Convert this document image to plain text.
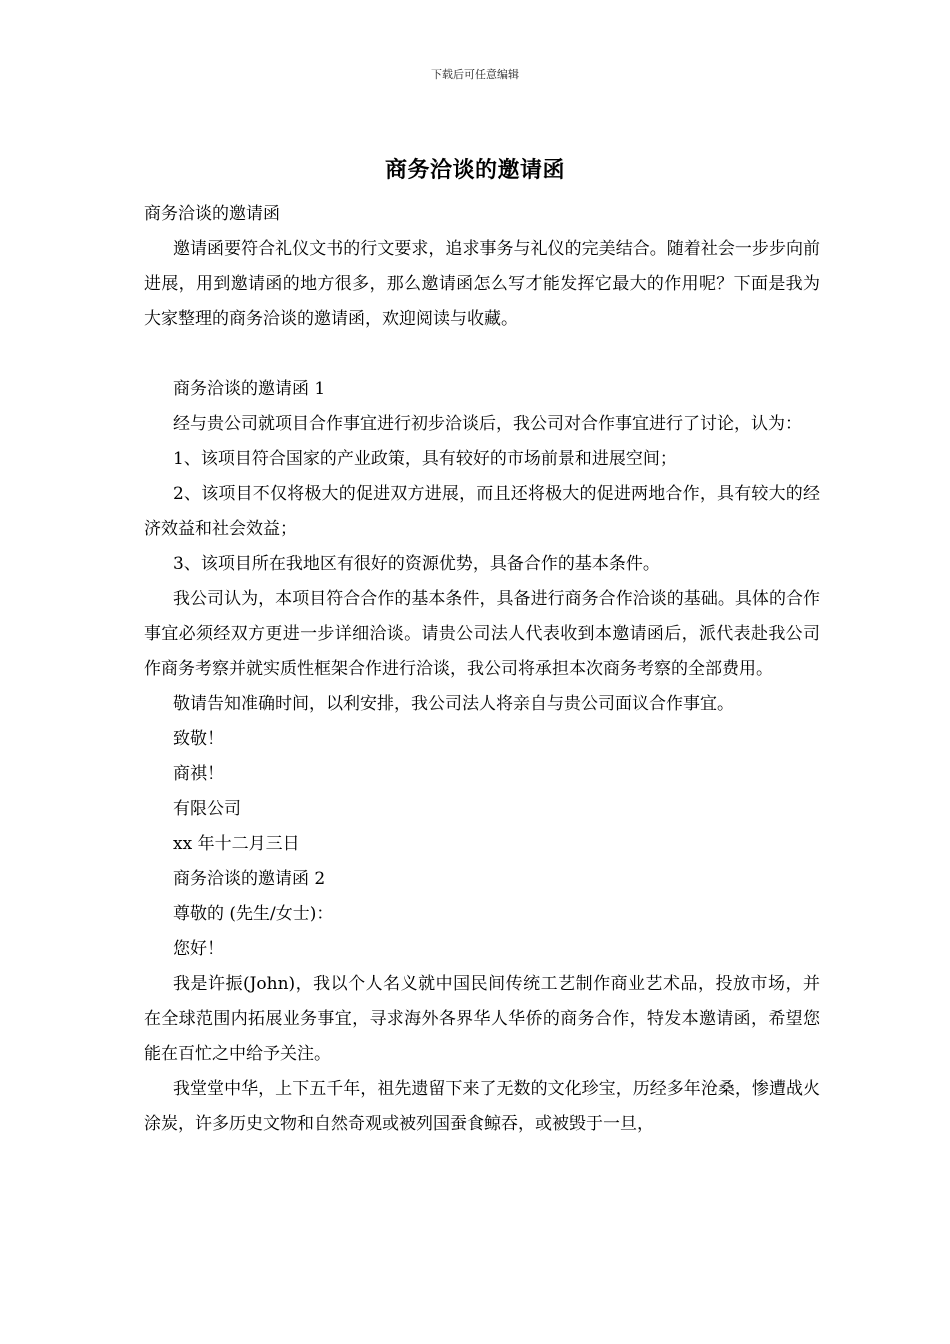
下载后可任意编辑
商务洽谈的邀请函

商务洽谈的邀请函

邀请函要符合礼仪文书的行文要求，追求事务与礼仪的完美结合。随着社会一步步向前进展，用到邀请函的地方很多，那么邀请函怎么写才能发挥它最大的作用呢？下面是我为大家整理的商务洽谈的邀请函，欢迎阅读与收藏。

商务洽谈的邀请函 1

经与贵公司就项目合作事宜进行初步洽谈后，我公司对合作事宜进行了讨论，认为：

1、该项目符合国家的产业政策，具有较好的市场前景和进展空间；

2、该项目不仅将极大的促进双方进展，而且还将极大的促进两地合作，具有较大的经济效益和社会效益；

3、该项目所在我地区有很好的资源优势，具备合作的基本条件。

我公司认为，本项目符合合作的基本条件，具备进行商务合作洽谈的基础。具体的合作事宜必须经双方更进一步详细洽谈。请贵公司法人代表收到本邀请函后，派代表赴我公司作商务考察并就实质性框架合作进行洽谈，我公司将承担本次商务考察的全部费用。

敬请告知准确时间，以利安排，我公司法人将亲自与贵公司面议合作事宜。

致敬！

商祺！

有限公司

xx 年十二月三日

商务洽谈的邀请函 2

尊敬的 (先生/女士)：

您好！

我是许振(John)，我以个人名义就中国民间传统工艺制作商业艺术品，投放市场，并在全球范围内拓展业务事宜，寻求海外各界华人华侨的商务合作，特发本邀请函，希望您能在百忙之中给予关注。

我堂堂中华，上下五千年，祖先遗留下来了无数的文化珍宝，历经多年沧桑，惨遭战火涂炭，许多历史文物和自然奇观或被列国蚕食鲸吞，或被毁于一旦，
